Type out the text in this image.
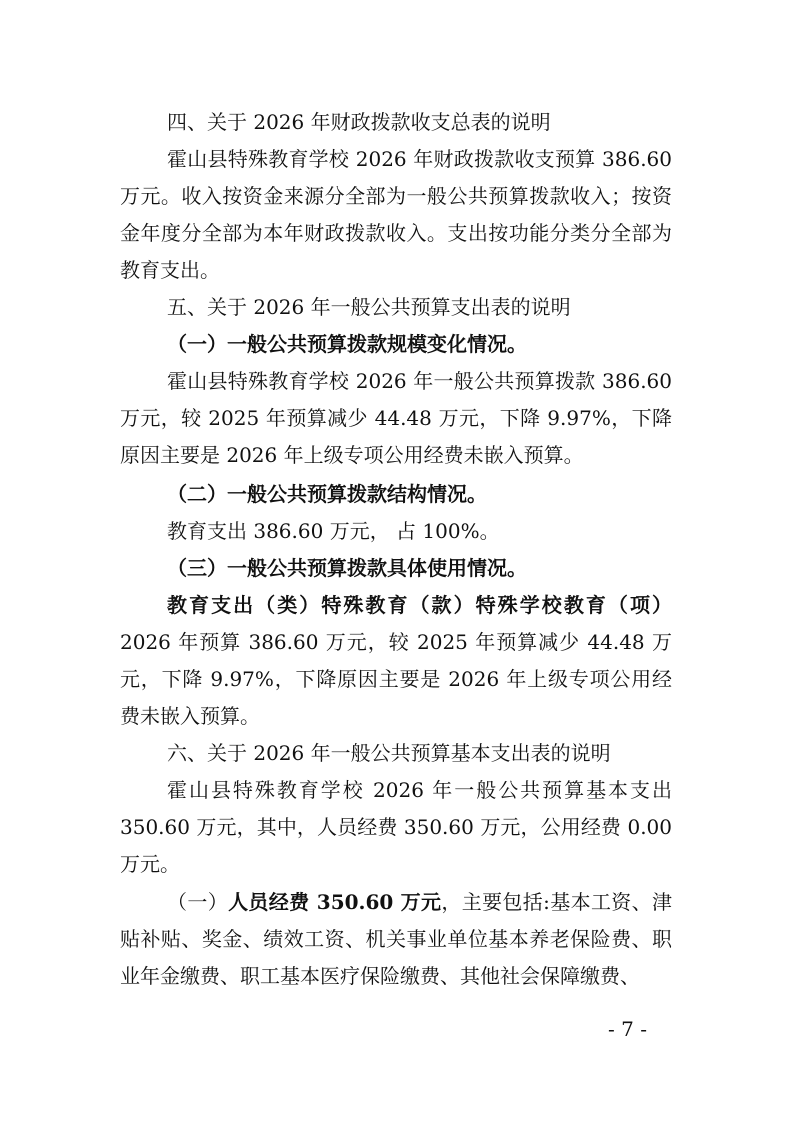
四、关于 2026 年财政拨款收支总表的说明

霍山县特殊教育学校 2026 年财政拨款收支预算 386.60 万元。收入按资金来源分全部为一般公共预算拨款收入；按资金年度分全部为本年财政拨款收入。支出按功能分类分全部为教育支出。

五、关于 2026 年一般公共预算支出表的说明

（一）一般公共预算拨款规模变化情况。

霍山县特殊教育学校 2026 年一般公共预算拨款 386.60 万元，较 2025 年预算减少 44.48 万元，下降 9.97%，下降原因主要是 2026 年上级专项公用经费未嵌入预算。

（二）一般公共预算拨款结构情况。

教育支出 386.60 万元， 占 100%。

（三）一般公共预算拨款具体使用情况。

教育支出（类）特殊教育（款）特殊学校教育（项）2026 年预算 386.60 万元，较 2025 年预算减少 44.48 万元，下降 9.97%，下降原因主要是 2026 年上级专项公用经费未嵌入预算。

六、关于 2026 年一般公共预算基本支出表的说明

霍山县特殊教育学校 2026 年一般公共预算基本支出 350.60 万元，其中，人员经费 350.60 万元，公用经费 0.00 万元。

（一）人员经费 350.60 万元，主要包括:基本工资、津贴补贴、奖金、绩效工资、机关事业单位基本养老保险费、职业年金缴费、职工基本医疗保险缴费、其他社会保障缴费、

- 7 -
